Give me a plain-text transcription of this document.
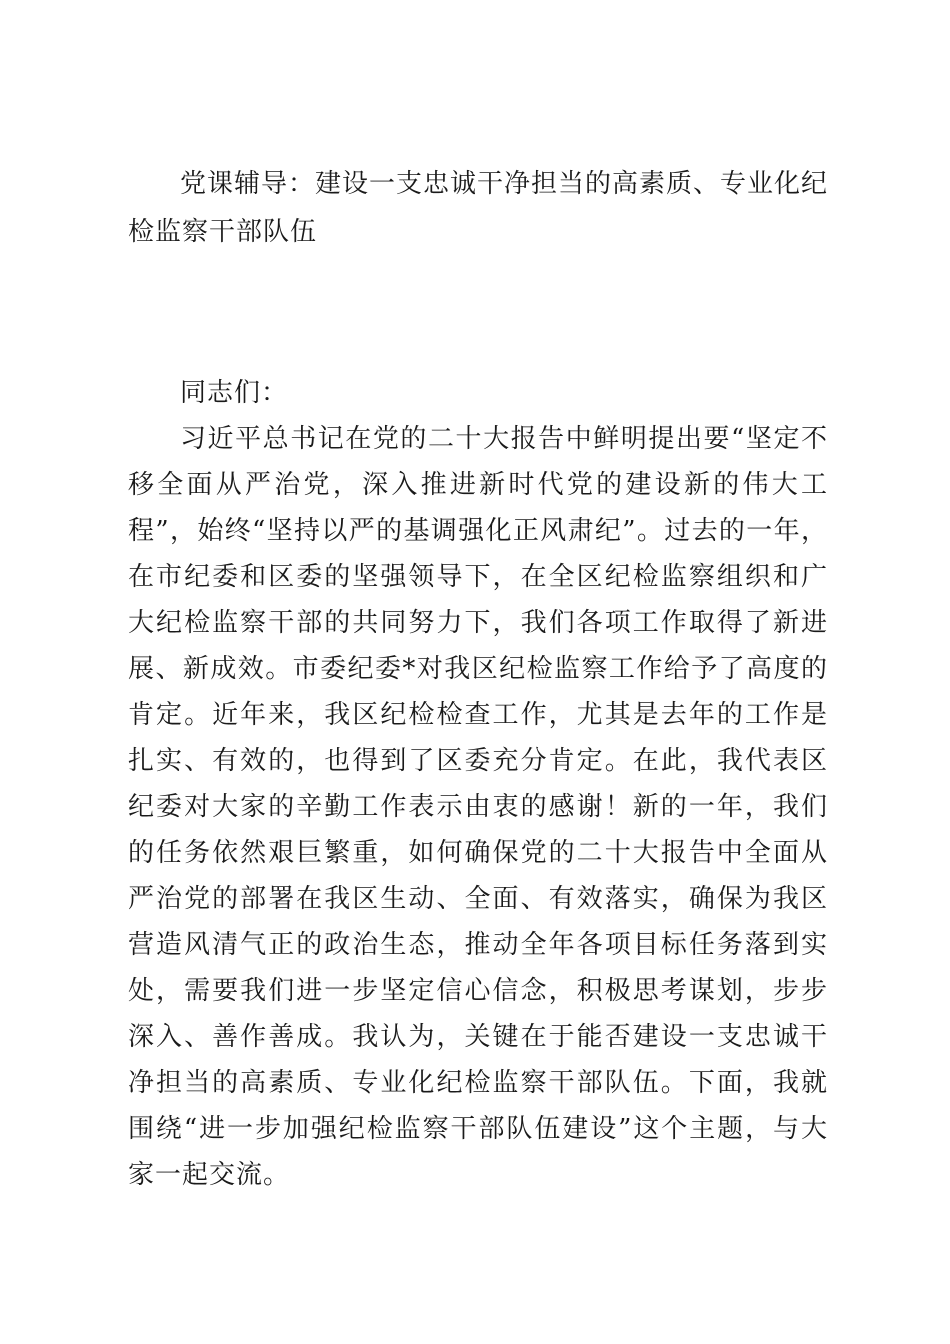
党课辅导：建设一支忠诚干净担当的高素质、专业化纪检监察干部队伍

同志们：

习近平总书记在党的二十大报告中鲜明提出要“坚定不移全面从严治党，深入推进新时代党的建设新的伟大工程”，始终“坚持以严的基调强化正风肃纪”。过去的一年，在市纪委和区委的坚强领导下，在全区纪检监察组织和广大纪检监察干部的共同努力下，我们各项工作取得了新进展、新成效。市委纪委*对我区纪检监察工作给予了高度的肯定。近年来，我区纪检检查工作，尤其是去年的工作是扎实、有效的，也得到了区委充分肯定。在此，我代表区纪委对大家的辛勤工作表示由衷的感谢！新的一年，我们的任务依然艰巨繁重，如何确保党的二十大报告中全面从严治党的部署在我区生动、全面、有效落实，确保为我区营造风清气正的政治生态，推动全年各项目标任务落到实处，需要我们进一步坚定信心信念，积极思考谋划，步步深入、善作善成。我认为，关键在于能否建设一支忠诚干净担当的高素质、专业化纪检监察干部队伍。下面，我就围绕“进一步加强纪检监察干部队伍建设”这个主题，与大家一起交流。
